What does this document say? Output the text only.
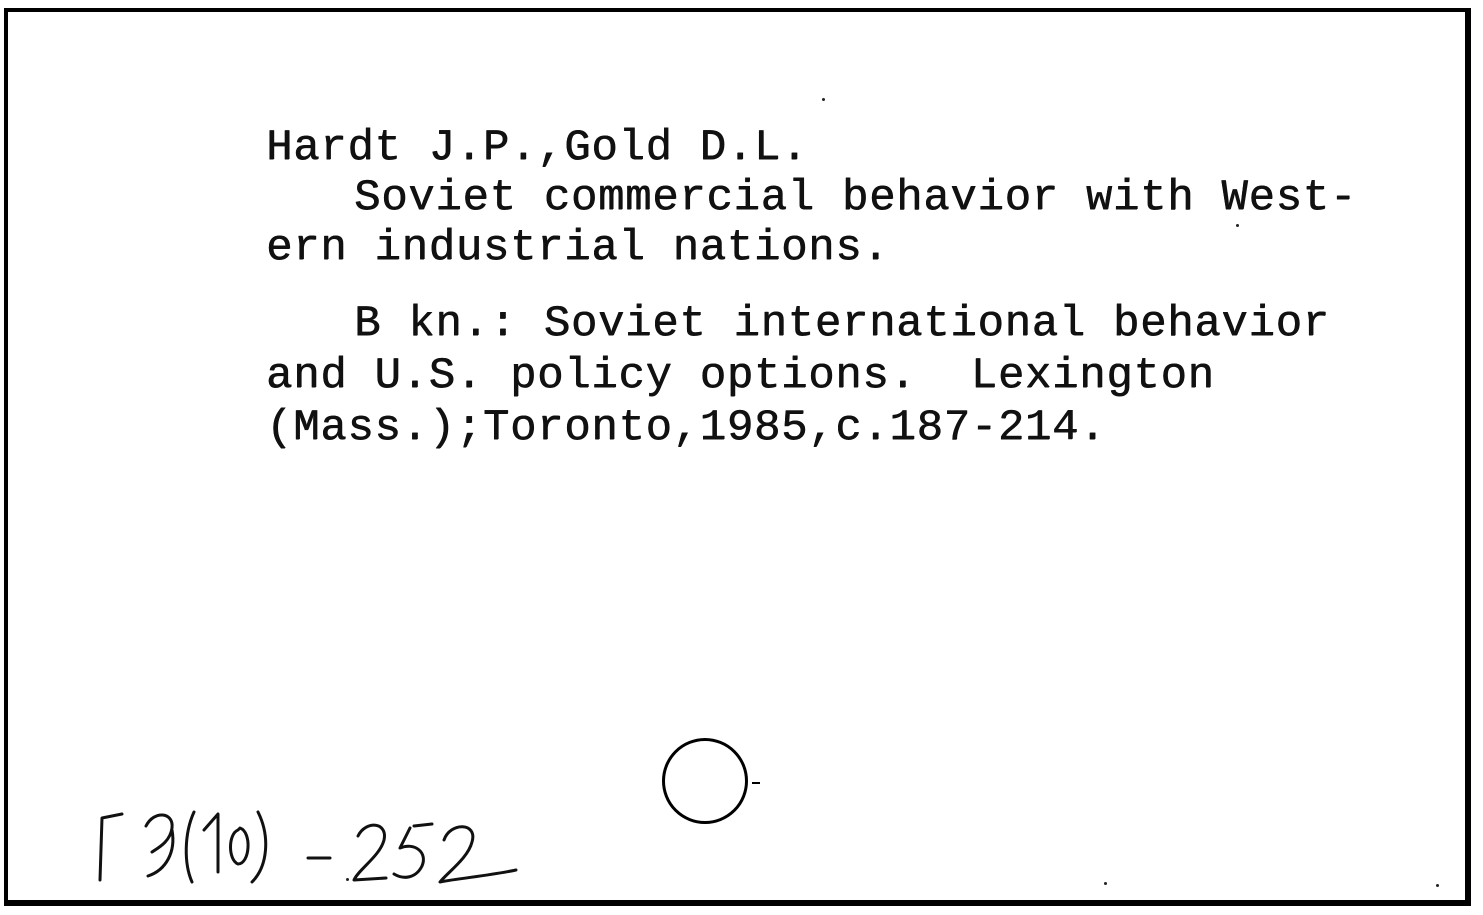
Hardt J.P.,Gold D.L.
Soviet commercial behavior with West-
ern industrial nations.
B kn.: Soviet international behavior
and U.S. policy options.  Lexington
(Mass.);Toronto,1985,c.187-214.
